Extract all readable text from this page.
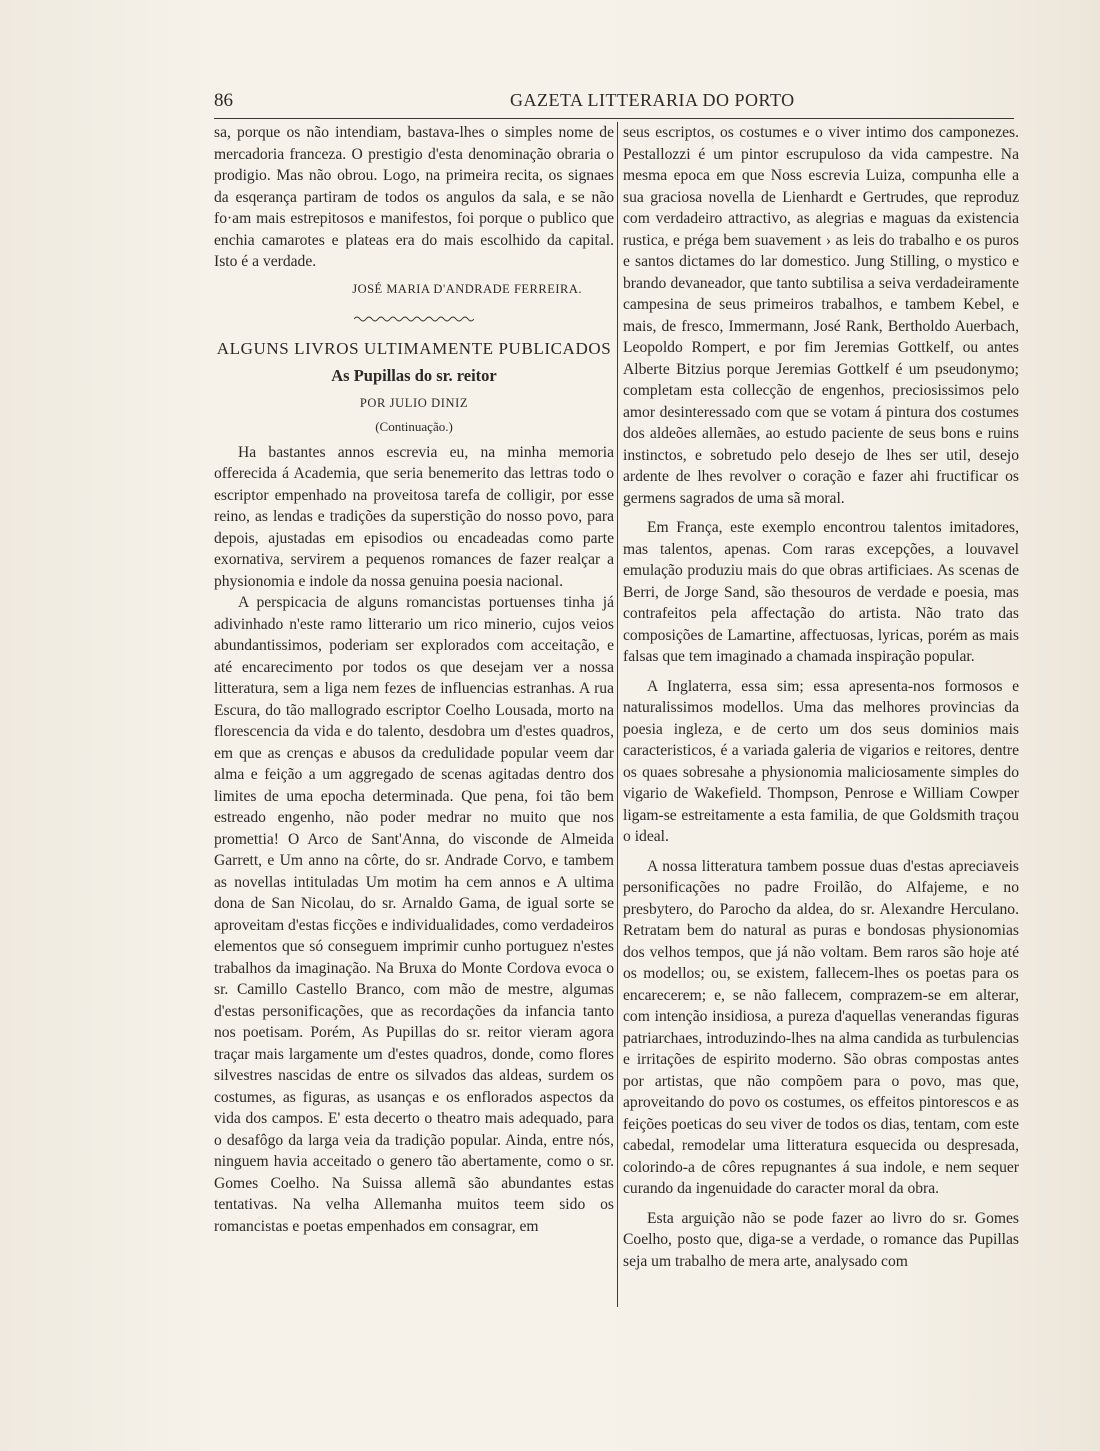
86	GAZETA LITTERARIA DO PORTO

sa, porque os não intendiam, bastava-lhes o simples nome de mercadoria franceza. O prestigio d'esta denominação obraria o prodigio. Mas não obrou. Logo, na primeira recita, os signaes da esqerança partiram de todos os angulos da sala, e se não fo·am mais estrepitosos e manifestos, foi porque o publico que enchia camarotes e plateas era do mais escolhido da capital. Isto é a verdade.

JOSÉ MARIA D'ANDRADE FERREIRA.

ALGUNS LIVROS ULTIMAMENTE PUBLICADOS

As Pupillas do sr. reitor

POR JULIO DINIZ

(Continuação.)

Ha bastantes annos escrevia eu, na minha memoria offerecida á Academia, que seria benemerito das lettras todo o escriptor empenhado na proveitosa tarefa de colligir, por esse reino, as lendas e tradições da superstição do nosso povo, para depois, ajustadas em episodios ou encadeadas como parte exornativa, servirem a pequenos romances de fazer realçar a physionomia e indole da nossa genuina poesia nacional.

A perspicacia de alguns romancistas portuenses tinha já adivinhado n'este ramo litterario um rico minerio, cujos veios abundantissimos, poderiam ser explorados com acceitação, e até encarecimento por todos os que desejam ver a nossa litteratura, sem a liga nem fezes de influencias estranhas. A rua Escura, do tão mallogrado escriptor Coelho Lousada, morto na florescencia da vida e do talento, desdobra um d'estes quadros, em que as crenças e abusos da credulidade popular veem dar alma e feição a um aggregado de scenas agitadas dentro dos limites de uma epocha determinada. Que pena, foi tão bem estreado engenho, não poder medrar no muito que nos promettia! O Arco de Sant'Anna, do visconde de Almeida Garrett, e Um anno na côrte, do sr. Andrade Corvo, e tambem as novellas intituladas Um motim ha cem annos e A ultima dona de San Nicolau, do sr. Arnaldo Gama, de igual sorte se aproveitam d'estas ficções e individualidades, como verdadeiros elementos que só conseguem imprimir cunho portuguez n'estes trabalhos da imaginação. Na Bruxa do Monte Cordova evoca o sr. Camillo Castello Branco, com mão de mestre, algumas d'estas personificações, que as recordações da infancia tanto nos poetisam. Porém, As Pupillas do sr. reitor vieram agora traçar mais largamente um d'estes quadros, donde, como flores silvestres nascidas de entre os silvados das aldeas, surdem os costumes, as figuras, as usanças e os enflorados aspectos da vida dos campos. E' esta decerto o theatro mais adequado, para o desafôgo da larga veia da tradição popular. Ainda, entre nós, ninguem havia acceitado o genero tão abertamente, como o sr. Gomes Coelho. Na Suissa allemã são abundantes estas tentativas. Na velha Allemanha muitos teem sido os romancistas e poetas empenhados em consagrar, em

seus escriptos, os costumes e o viver intimo dos camponezes. Pestallozzi é um pintor escrupuloso da vida campestre. Na mesma epoca em que Noss escrevia Luiza, compunha elle a sua graciosa novella de Lienhardt e Gertrudes, que reproduz com verdadeiro attractivo, as alegrias e maguas da existencia rustica, e préga bem suavement › as leis do trabalho e os puros e santos dictames do lar domestico. Jung Stilling, o mystico e brando devaneador, que tanto subtilisa a seiva verdadeiramente campesina de seus primeiros trabalhos, e tambem Kebel, e mais, de fresco, Immermann, José Rank, Bertholdo Auerbach, Leopoldo Rompert, e por fim Jeremias Gottkelf, ou antes Alberte Bitzius porque Jeremias Gottkelf é um pseudonymo; completam esta collecção de engenhos, preciosissimos pelo amor desinteressado com que se votam á pintura dos costumes dos aldeões allemães, ao estudo paciente de seus bons e ruins instinctos, e sobretudo pelo desejo de lhes ser util, desejo ardente de lhes revolver o coração e fazer ahi fructificar os germens sagrados de uma sã moral.

Em França, este exemplo encontrou talentos imitadores, mas talentos, apenas. Com raras excepções, a louvavel emulação produziu mais do que obras artificiaes. As scenas de Berri, de Jorge Sand, são thesouros de verdade e poesia, mas contrafeitos pela affectação do artista. Não trato das composições de Lamartine, affectuosas, lyricas, porém as mais falsas que tem imaginado a chamada inspiração popular.

A Inglaterra, essa sim; essa apresenta-nos formosos e naturalissimos modellos. Uma das melhores provincias da poesia ingleza, e de certo um dos seus dominios mais caracteristicos, é a variada galeria de vigarios e reitores, dentre os quaes sobresahe a physionomia maliciosamente simples do vigario de Wakefield. Thompson, Penrose e William Cowper ligam-se estreitamente a esta familia, de que Goldsmith traçou o ideal.

A nossa litteratura tambem possue duas d'estas apreciaveis personificações no padre Froilão, do Alfajeme, e no presbytero, do Parocho da aldea, do sr. Alexandre Herculano. Retratam bem do natural as puras e bondosas physionomias dos velhos tempos, que já não voltam. Bem raros são hoje até os modellos; ou, se existem, fallecem-lhes os poetas para os encarecerem; e, se não fallecem, comprazem-se em alterar, com intenção insidiosa, a pureza d'aquellas venerandas figuras patriarchaes, introduzindo-lhes na alma candida as turbulencias e irritações de espirito moderno. São obras compostas antes por artistas, que não compõem para o povo, mas que, aproveitando do povo os costumes, os effeitos pintorescos e as feições poeticas do seu viver de todos os dias, tentam, com este cabedal, remodelar uma litteratura esquecida ou despresada, colorindo-a de côres repugnantes á sua indole, e nem sequer curando da ingenuidade do caracter moral da obra.

Esta arguição não se pode fazer ao livro do sr. Gomes Coelho, posto que, diga-se a verdade, o romance das Pupillas seja um trabalho de mera arte, analysado com
